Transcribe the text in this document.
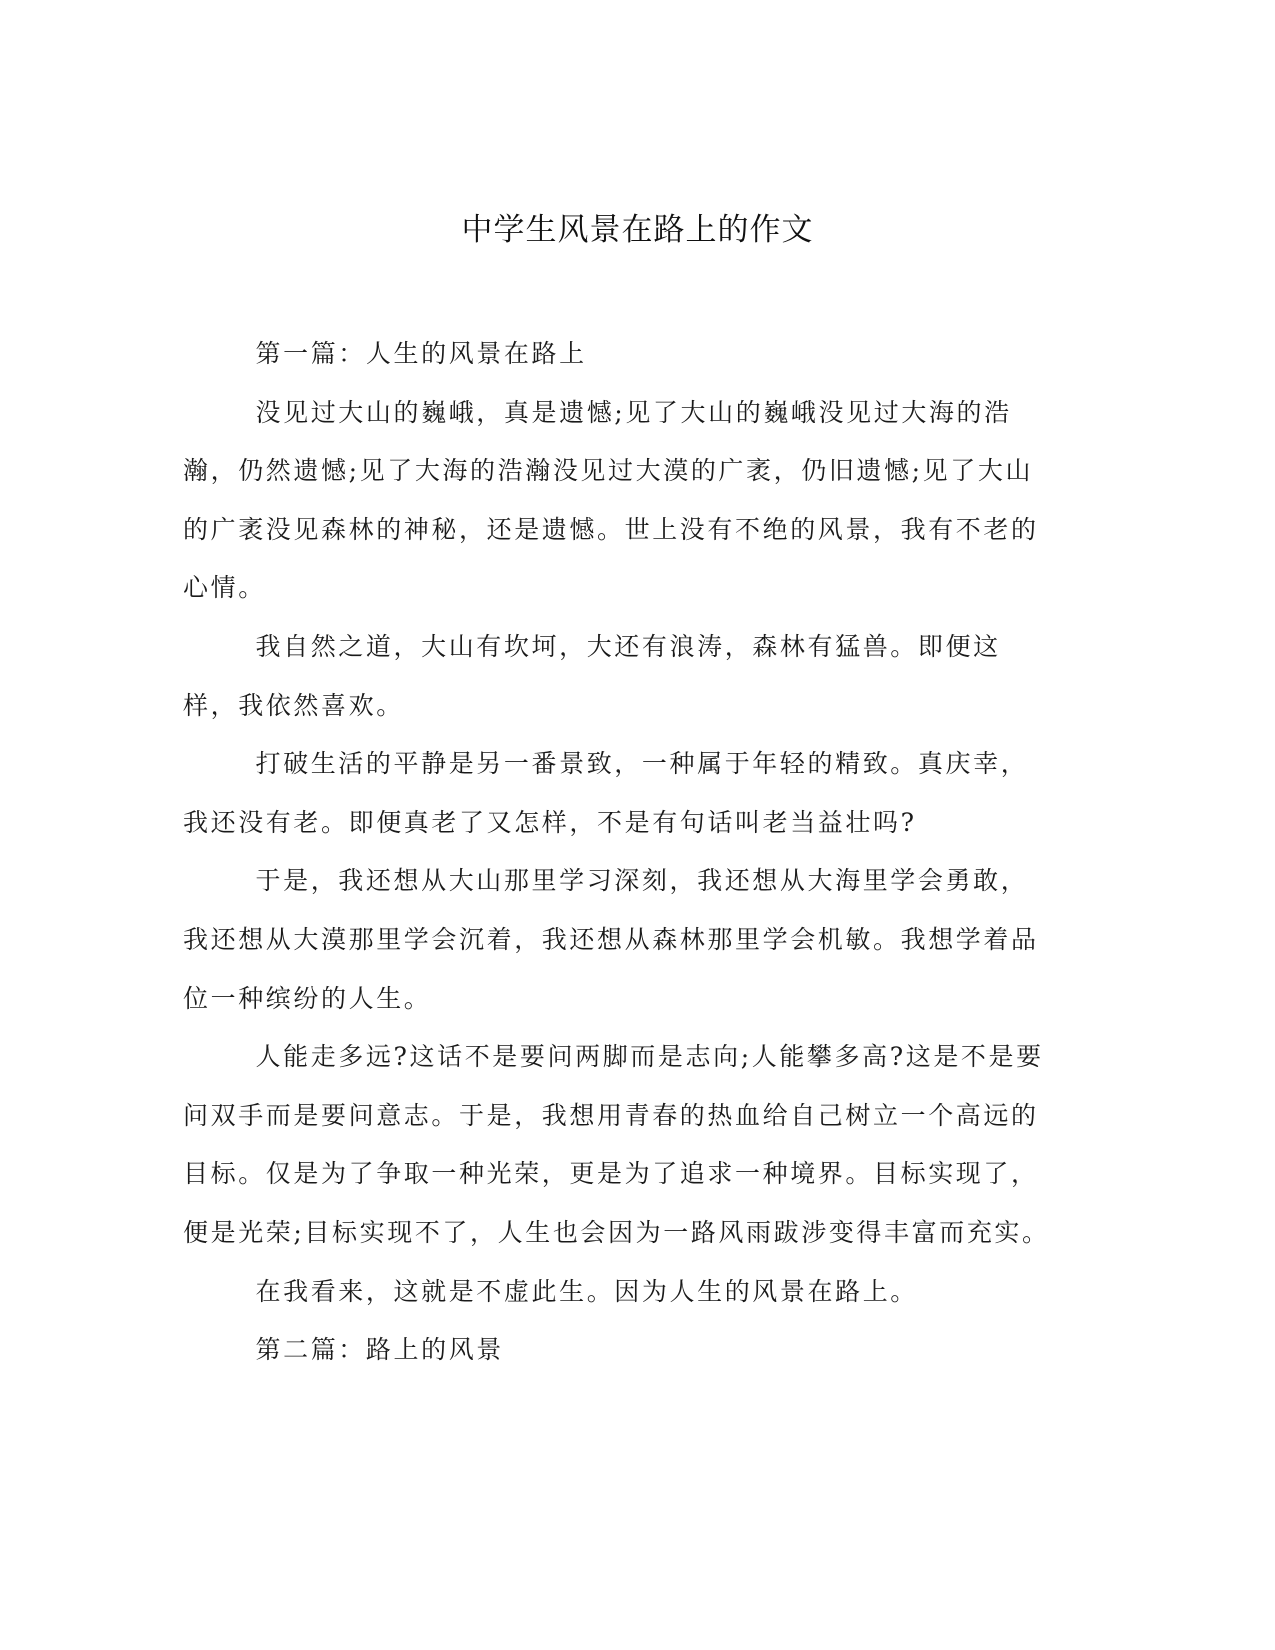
中学生风景在路上的作文

第一篇：人生的风景在路上

没见过大山的巍峨，真是遗憾;见了大山的巍峨没见过大海的浩瀚，仍然遗憾;见了大海的浩瀚没见过大漠的广袤，仍旧遗憾;见了大山的广袤没见森林的神秘，还是遗憾。世上没有不绝的风景，我有不老的心情。

我自然之道，大山有坎坷，大还有浪涛，森林有猛兽。即便这样，我依然喜欢。

打破生活的平静是另一番景致，一种属于年轻的精致。真庆幸，我还没有老。即便真老了又怎样，不是有句话叫老当益壮吗?

于是，我还想从大山那里学习深刻，我还想从大海里学会勇敢，我还想从大漠那里学会沉着，我还想从森林那里学会机敏。我想学着品位一种缤纷的人生。

人能走多远?这话不是要问两脚而是志向;人能攀多高?这是不是要问双手而是要问意志。于是，我想用青春的热血给自己树立一个高远的目标。仅是为了争取一种光荣，更是为了追求一种境界。目标实现了，便是光荣;目标实现不了，人生也会因为一路风雨跋涉变得丰富而充实。

在我看来，这就是不虚此生。因为人生的风景在路上。

第二篇：路上的风景
